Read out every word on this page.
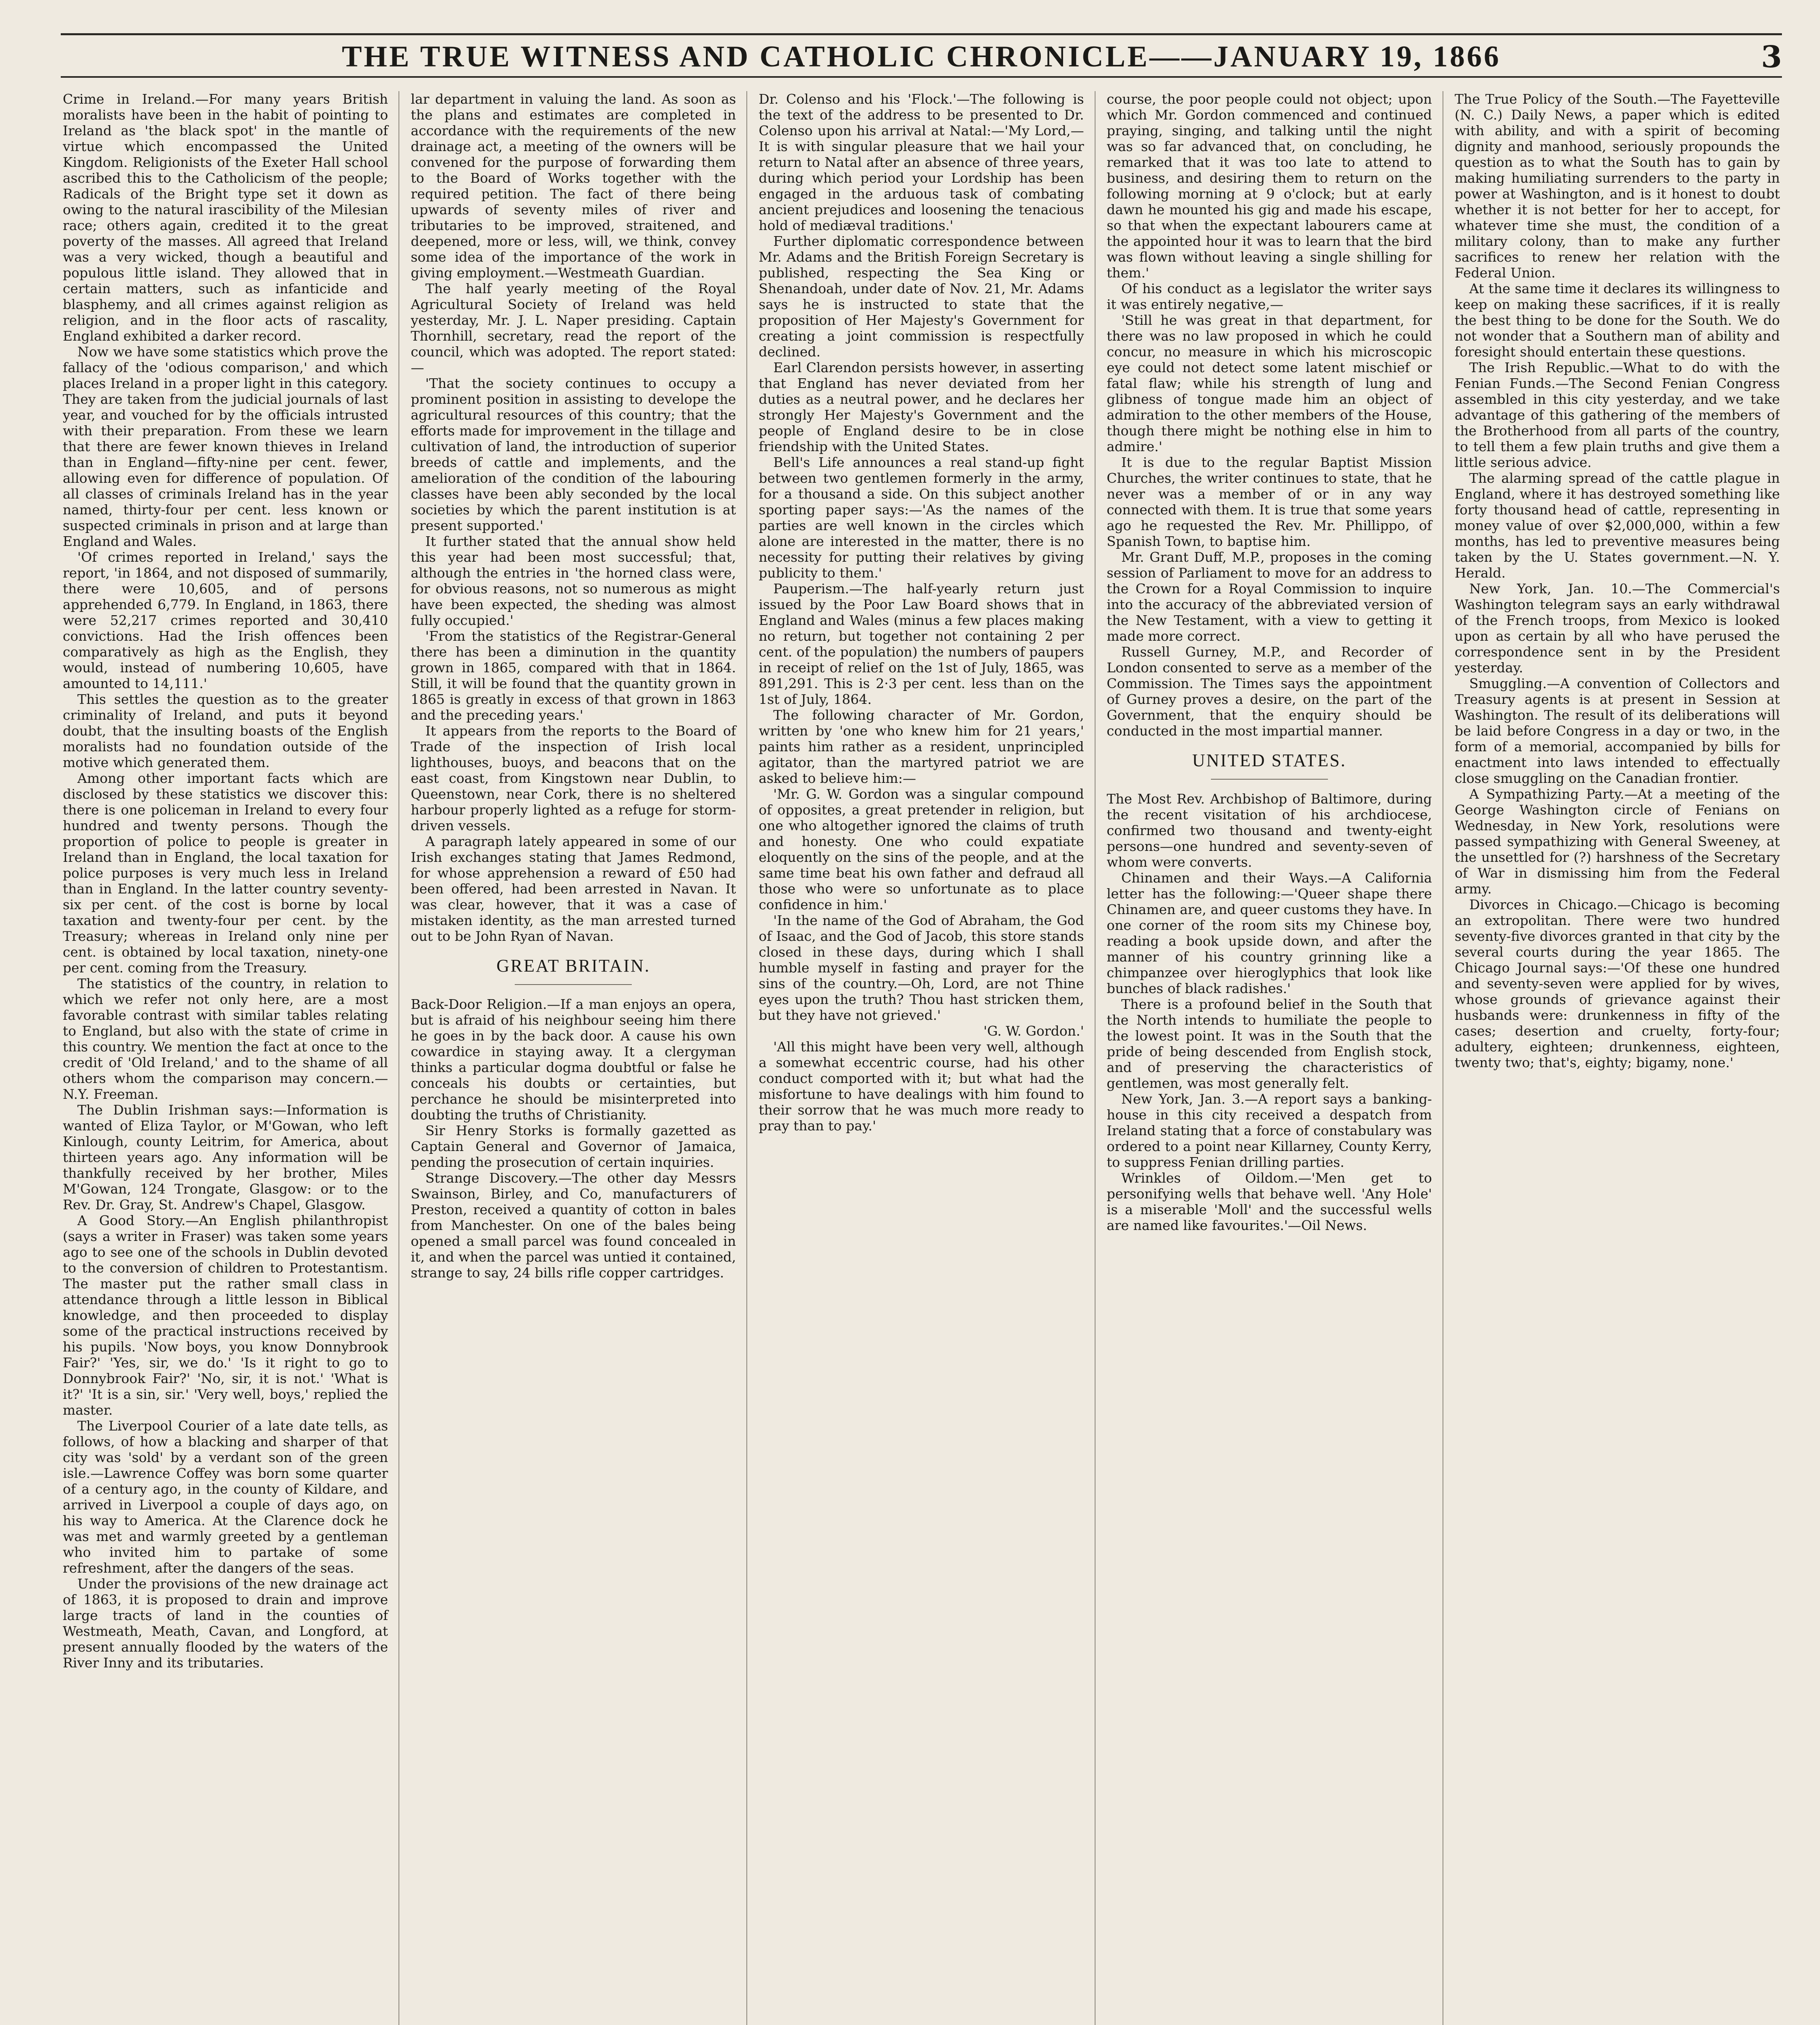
THE TRUE WITNESS AND CATHOLIC CHRONICLE——JANUARY 19, 1866	3

Crime in Ireland.—For many years British moralists have been in the habit of pointing to Ireland as 'the black spot' in the mantle of virtue which encompassed the United Kingdom. Religionists of the Exeter Hall school ascribed this to the Catholicism of the people; Radicals of the Bright type set it down as owing to the natural irascibility of the Milesian race; others again, credited it to the great poverty of the masses. All agreed that Ireland was a very wicked, though a beautiful and populous little island. They allowed that in certain matters, such as infanticide and blasphemy, and all crimes against religion as religion, and in the floor acts of rascality, England exhibited a darker record.

Now we have some statistics which prove the fallacy of the 'odious comparison,' and which places Ireland in a proper light in this category. They are taken from the judicial journals of last year, and vouched for by the officials intrusted with their preparation. From these we learn that there are fewer known thieves in Ireland than in England—fifty-nine per cent. fewer, allowing even for difference of population. Of all classes of criminals Ireland has in the year named, thirty-four per cent. less known or suspected criminals in prison and at large than England and Wales.

'Of crimes reported in Ireland,' says the report, 'in 1864, and not disposed of summarily, there were 10,605, and of persons apprehended 6,779. In England, in 1863, there were 52,217 crimes reported and 30,410 convictions. Had the Irish offences been comparatively as high as the English, they would, instead of numbering 10,605, have amounted to 14,111.'

This settles the question as to the greater criminality of Ireland, and puts it beyond doubt, that the insulting boasts of the English moralists had no foundation outside of the motive which generated them.

Among other important facts which are disclosed by these statistics we discover this: there is one policeman in Ireland to every four hundred and twenty persons. Though the proportion of police to people is greater in Ireland than in England, the local taxation for police purposes is very much less in Ireland than in England. In the latter country seventy-six per cent. of the cost is borne by local taxation and twenty-four per cent. by the Treasury; whereas in Ireland only nine per cent. is obtained by local taxation, ninety-one per cent. coming from the Treasury.

The statistics of the country, in relation to which we refer not only here, are a most favorable contrast with similar tables relating to England, but also with the state of crime in this country. We mention the fact at once to the credit of 'Old Ireland,' and to the shame of all others whom the comparison may concern.—N.Y. Freeman.

The Dublin Irishman says:—Information is wanted of Eliza Taylor, or M'Gowan, who left Kinlough, county Leitrim, for America, about thirteen years ago. Any information will be thankfully received by her brother, Miles M'Gowan, 124 Trongate, Glasgow: or to the Rev. Dr. Gray, St. Andrew's Chapel, Glasgow.

A Good Story.—An English philanthropist (says a writer in Fraser) was taken some years ago to see one of the schools in Dublin devoted to the conversion of children to Protestantism. The master put the rather small class in attendance through a little lesson in Biblical knowledge, and then proceeded to display some of the practical instructions received by his pupils. 'Now boys, you know Donnybrook Fair?' 'Yes, sir, we do.' 'Is it right to go to Donnybrook Fair?' 'No, sir, it is not.' 'What is it?' 'It is a sin, sir.' 'Very well, boys,' replied the master.

The Liverpool Courier of a late date tells, as follows, of how a blacking and sharper of that city was 'sold' by a verdant son of the green isle.—Lawrence Coffey was born some quarter of a century ago, in the county of Kildare, and arrived in Liverpool a couple of days ago, on his way to America. At the Clarence dock he was met and warmly greeted by a gentleman who invited him to partake of some refreshment, after the dangers of the seas.

Under the provisions of the new drainage act of 1863, it is proposed to drain and improve large tracts of land in the counties of Westmeath, Meath, Cavan, and Longford, at present annually flooded by the waters of the River Inny and its tributaries.

lar department in valuing the land. As soon as the plans and estimates are completed in accordance with the requirements of the new drainage act, a meeting of the owners will be convened for the purpose of forwarding them to the Board of Works together with the required petition. The fact of there being upwards of seventy miles of river and tributaries to be improved, straitened, and deepened, more or less, will, we think, convey some idea of the importance of the work in giving employment.—Westmeath Guardian.

The half yearly meeting of the Royal Agricultural Society of Ireland was held yesterday, Mr. J. L. Naper presiding. Captain Thornhill, secretary, read the report of the council, which was adopted. The report stated:—

'That the society continues to occupy a prominent position in assisting to develope the agricultural resources of this country; that the efforts made for improvement in the tillage and cultivation of land, the introduction of superior breeds of cattle and implements, and the amelioration of the condition of the labouring classes have been ably seconded by the local societies by which the parent institution is at present supported.'

It further stated that the annual show held this year had been most successful; that, although the entries in 'the horned class were, for obvious reasons, not so numerous as might have been expected, the sheding was almost fully occupied.'

'From the statistics of the Registrar-General there has been a diminution in the quantity grown in 1865, compared with that in 1864. Still, it will be found that the quantity grown in 1865 is greatly in excess of that grown in 1863 and the preceding years.'

It appears from the reports to the Board of Trade of the inspection of Irish local lighthouses, buoys, and beacons that on the east coast, from Kingstown near Dublin, to Queenstown, near Cork, there is no sheltered harbour properly lighted as a refuge for storm-driven vessels.

A paragraph lately appeared in some of our Irish exchanges stating that James Redmond, for whose apprehension a reward of £50 had been offered, had been arrested in Navan. It was clear, however, that it was a case of mistaken identity, as the man arrested turned out to be John Ryan of Navan.

GREAT BRITAIN.

Back-Door Religion.—If a man enjoys an opera, but is afraid of his neighbour seeing him there he goes in by the back door. A cause his own cowardice in staying away. It a clergyman thinks a particular dogma doubtful or false he conceals his doubts or certainties, but perchance he should be misinterpreted into doubting the truths of Christianity.

Sir Henry Storks is formally gazetted as Captain General and Governor of Jamaica, pending the prosecution of certain inquiries.

Strange Discovery.—The other day Messrs Swainson, Birley, and Co, manufacturers of Preston, received a quantity of cotton in bales from Manchester. On one of the bales being opened a small parcel was found concealed in it, and when the parcel was untied it contained, strange to say, 24 bills rifle copper cartridges.

Dr. Colenso and his 'Flock.'—The following is the text of the address to be presented to Dr. Colenso upon his arrival at Natal:—'My Lord,—It is with singular pleasure that we hail your return to Natal after an absence of three years, during which period your Lordship has been engaged in the arduous task of combating ancient prejudices and loosening the tenacious hold of mediæval traditions.'

Further diplomatic correspondence between Mr. Adams and the British Foreign Secretary is published, respecting the Sea King or Shenandoah, under date of Nov. 21, Mr. Adams says he is instructed to state that the proposition of Her Majesty's Government for creating a joint commission is respectfully declined.

Earl Clarendon persists however, in asserting that England has never deviated from her duties as a neutral power, and he declares her strongly Her Majesty's Government and the people of England desire to be in close friendship with the United States.

Bell's Life announces a real stand-up fight between two gentlemen formerly in the army, for a thousand a side. On this subject another sporting paper says:—'As the names of the parties are well known in the circles which alone are interested in the matter, there is no necessity for putting their relatives by giving publicity to them.'

Pauperism.—The half-yearly return just issued by the Poor Law Board shows that in England and Wales (minus a few places making no return, but together not containing 2 per cent. of the population) the numbers of paupers in receipt of relief on the 1st of July, 1865, was 891,291. This is 2·3 per cent. less than on the 1st of July, 1864.

The following character of Mr. Gordon, written by 'one who knew him for 21 years,' paints him rather as a resident, unprincipled agitator, than the martyred patriot we are asked to believe him:—

'Mr. G. W. Gordon was a singular compound of opposites, a great pretender in religion, but one who altogether ignored the claims of truth and honesty. One who could expatiate eloquently on the sins of the people, and at the same time beat his own father and defraud all those who were so unfortunate as to place confidence in him.'

'In the name of the God of Abraham, the God of Isaac, and the God of Jacob, this store stands closed in these days, during which I shall humble myself in fasting and prayer for the sins of the country.—Oh, Lord, are not Thine eyes upon the truth? Thou hast stricken them, but they have not grieved.'

'G. W. Gordon.'

'All this might have been very well, although a somewhat eccentric course, had his other conduct comported with it; but what had the misfortune to have dealings with him found to their sorrow that he was much more ready to pray than to pay.'

course, the poor people could not object; upon which Mr. Gordon commenced and continued praying, singing, and talking until the night was so far advanced that, on concluding, he remarked that it was too late to attend to business, and desiring them to return on the following morning at 9 o'clock; but at early dawn he mounted his gig and made his escape, so that when the expectant labourers came at the appointed hour it was to learn that the bird was flown without leaving a single shilling for them.'

Of his conduct as a legislator the writer says it was entirely negative,—

'Still he was great in that department, for there was no law proposed in which he could concur, no measure in which his microscopic eye could not detect some latent mischief or fatal flaw; while his strength of lung and glibness of tongue made him an object of admiration to the other members of the House, though there might be nothing else in him to admire.'

It is due to the regular Baptist Mission Churches, the writer continues to state, that he never was a member of or in any way connected with them. It is true that some years ago he requested the Rev. Mr. Phillippo, of Spanish Town, to baptise him.

Mr. Grant Duff, M.P., proposes in the coming session of Parliament to move for an address to the Crown for a Royal Commission to inquire into the accuracy of the abbreviated version of the New Testament, with a view to getting it made more correct.

Russell Gurney, M.P., and Recorder of London consented to serve as a member of the Commission. The Times says the appointment of Gurney proves a desire, on the part of the Government, that the enquiry should be conducted in the most impartial manner.

UNITED STATES.

The Most Rev. Archbishop of Baltimore, during the recent visitation of his archdiocese, confirmed two thousand and twenty-eight persons—one hundred and seventy-seven of whom were converts.

Chinamen and their Ways.—A California letter has the following:—'Queer shape there Chinamen are, and queer customs they have. In one corner of the room sits my Chinese boy, reading a book upside down, and after the manner of his country grinning like a chimpanzee over hieroglyphics that look like bunches of black radishes.'

There is a profound belief in the South that the North intends to humiliate the people to the lowest point. It was in the South that the pride of being descended from English stock, and of preserving the characteristics of gentlemen, was most generally felt.

New York, Jan. 3.—A report says a banking-house in this city received a despatch from Ireland stating that a force of constabulary was ordered to a point near Killarney, County Kerry, to suppress Fenian drilling parties.

Wrinkles of Oildom.—'Men get to personifying wells that behave well. 'Any Hole' is a miserable 'Moll' and the successful wells are named like favourites.'—Oil News.

The True Policy of the South.—The Fayetteville (N. C.) Daily News, a paper which is edited with ability, and with a spirit of becoming dignity and manhood, seriously propounds the question as to what the South has to gain by making humiliating surrenders to the party in power at Washington, and is it honest to doubt whether it is not better for her to accept, for whatever time she must, the condition of a military colony, than to make any further sacrifices to renew her relation with the Federal Union.

At the same time it declares its willingness to keep on making these sacrifices, if it is really the best thing to be done for the South. We do not wonder that a Southern man of ability and foresight should entertain these questions.

The Irish Republic.—What to do with the Fenian Funds.—The Second Fenian Congress assembled in this city yesterday, and we take advantage of this gathering of the members of the Brotherhood from all parts of the country, to tell them a few plain truths and give them a little serious advice.

The alarming spread of the cattle plague in England, where it has destroyed something like forty thousand head of cattle, representing in money value of over $2,000,000, within a few months, has led to preventive measures being taken by the U. States government.—N. Y. Herald.

New York, Jan. 10.—The Commercial's Washington telegram says an early withdrawal of the French troops, from Mexico is looked upon as certain by all who have perused the correspondence sent in by the President yesterday.

Smuggling.—A convention of Collectors and Treasury agents is at present in Session at Washington. The result of its deliberations will be laid before Congress in a day or two, in the form of a memorial, accompanied by bills for enactment into laws intended to effectually close smuggling on the Canadian frontier.

A Sympathizing Party.—At a meeting of the George Washington circle of Fenians on Wednesday, in New York, resolutions were passed sympathizing with General Sweeney, at the unsettled for (?) harshness of the Secretary of War in dismissing him from the Federal army.

Divorces in Chicago.—Chicago is becoming an extropolitan. There were two hundred seventy-five divorces granted in that city by the several courts during the year 1865. The Chicago Journal says:—'Of these one hundred and seventy-seven were applied for by wives, whose grounds of grievance against their husbands were: drunkenness in fifty of the cases; desertion and cruelty, forty-four; adultery, eighteen; drunkenness, eighteen, twenty two; that's, eighty; bigamy, none.'
